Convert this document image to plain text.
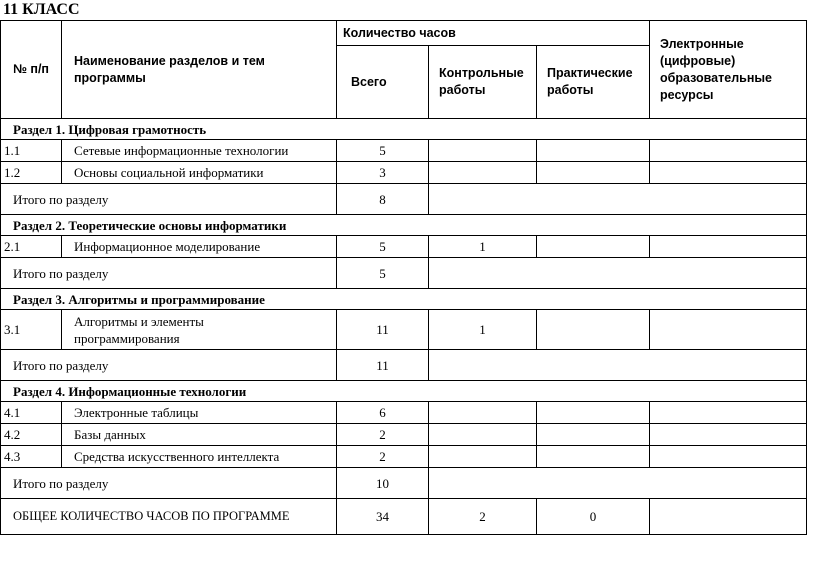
11 КЛАСС
№ п/п	Наименование разделов и тем программы	Количество часов			Электронные (цифровые) образовательные ресурсы
		Всего	Контрольные работы	Практические работы	
Раздел 1. Цифровая грамотность					
1.1	Сетевые информационные технологии	5			
1.2	Основы социальной информатики	3			
Итого по разделу		8			
Раздел 2. Теоретические основы информатики					
2.1	Информационное моделирование	5	1		
Итого по разделу		5			
Раздел 3. Алгоритмы и программирование					
3.1	Алгоритмы и элементы программирования	11	1		
Итого по разделу		11			
Раздел 4. Информационные технологии					
4.1	Электронные таблицы	6			
4.2	Базы данных	2			
4.3	Средства искусственного интеллекта	2			
Итого по разделу		10			
ОБЩЕЕ КОЛИЧЕСТВО ЧАСОВ ПО ПРОГРАММЕ		34	2	0	
